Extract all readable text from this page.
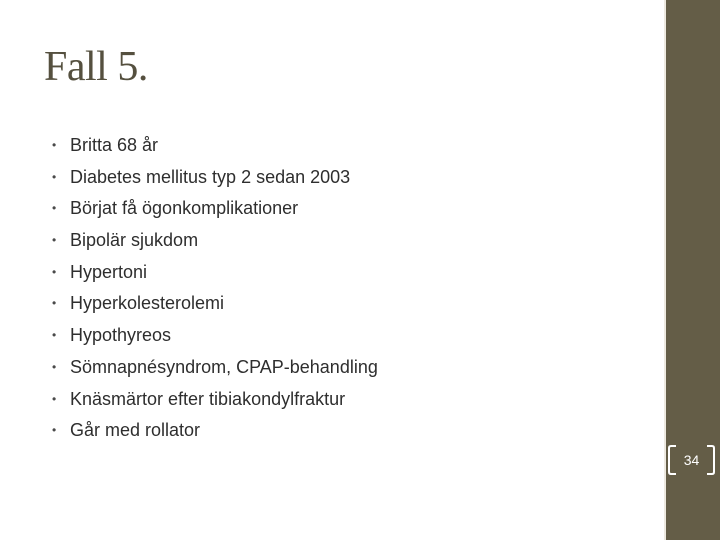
Fall 5.
• Britta 68 år
• Diabetes mellitus typ 2 sedan 2003
• Börjat få ögonkomplikationer
• Bipolär sjukdom
• Hypertoni
• Hyperkolesterolemi
• Hypothyreos
• Sömnapnésyndrom, CPAP-behandling
• Knäsmärtor efter tibiakondylfraktur
• Går med rollator
34
